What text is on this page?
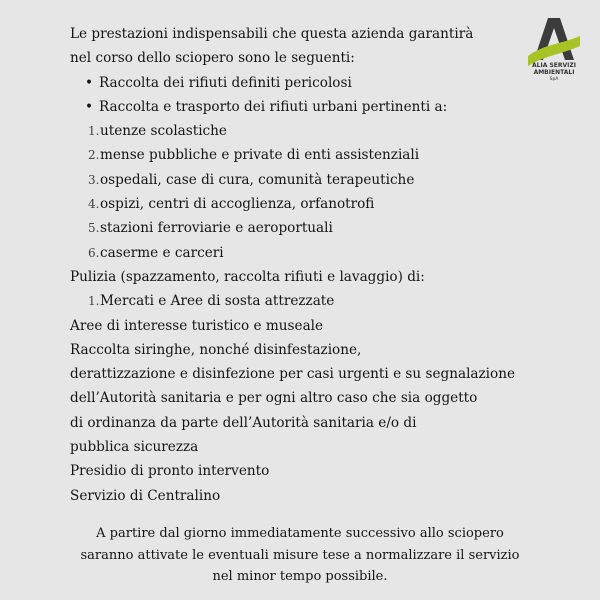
ALIA SERVIZI
AMBIENTALI
SpA
Le prestazioni indispensabili che questa azienda garantirà
nel corso dello sciopero sono le seguenti:
• Raccolta dei rifiuti definiti pericolosi
• Raccolta e trasporto dei rifiuti urbani pertinenti a:
1.utenze scolastiche
2.mense pubbliche e private di enti assistenziali
3.ospedali, case di cura, comunità terapeutiche
4.ospizi, centri di accoglienza, orfanotrofi
5.stazioni ferroviarie e aeroportuali
6.caserme e carceri
Pulizia (spazzamento, raccolta rifiuti e lavaggio) di:
1.Mercati e Aree di sosta attrezzate
Aree di interesse turistico e museale
Raccolta siringhe, nonché disinfestazione,
derattizzazione e disinfezione per casi urgenti e su segnalazione
dell’Autorità sanitaria e per ogni altro caso che sia oggetto
di ordinanza da parte dell’Autorità sanitaria e/o di
pubblica sicurezza
Presidio di pronto intervento
Servizio di Centralino
A partire dal giorno immediatamente successivo allo sciopero
saranno attivate le eventuali misure tese a normalizzare il servizio
nel minor tempo possibile.
